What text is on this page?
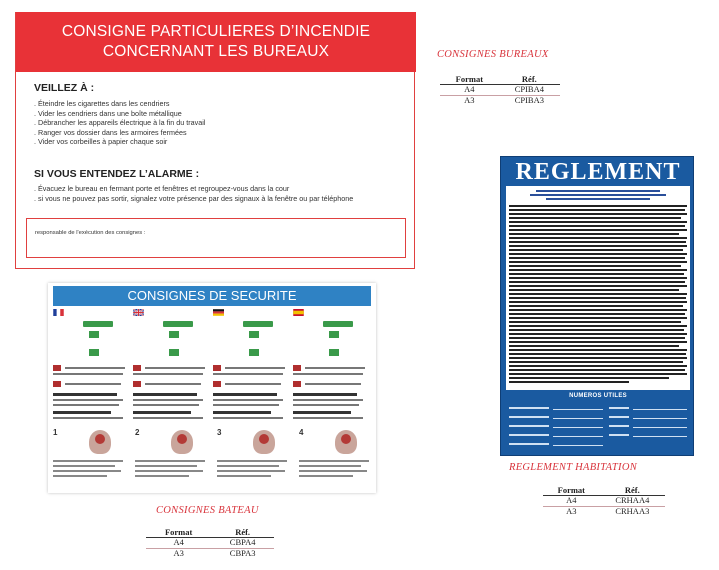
CONSIGNE PARTICULIERES D’INCENDIE
CONCERNANT LES BUREAUX
VEILLEZ À :
. Éteindre les cigarettes dans les cendriers
. Vider les cendriers dans une boîte métallique
. Débrancher les appareils électrique à la fin du travail
. Ranger vos dossier dans les armoires fermées
. Vider vos corbeilles à papier chaque soir
SI VOUS ENTENDEZ L’ALARME :
. Évacuez le bureau en fermant porte et fenêtres et regroupez-vous dans la cour
. si vous ne pouvez pas sortir, signalez votre présence par des signaux à la fenêtre ou par téléphone
responsable de l'exécution des consignes :
CONSIGNES BUREAUX
Format	Réf.
A4	CPIBA4
A3	CPIBA3
CONSIGNES DE SECURITE
1	2	3	4
CONSIGNES BATEAU
Format	Réf.
A4	CBPA4
A3	CBPA3
REGLEMENT
NUMEROS UTILES
REGLEMENT HABITATION
Format	Réf.
A4	CRHAA4
A3	CRHAA3
